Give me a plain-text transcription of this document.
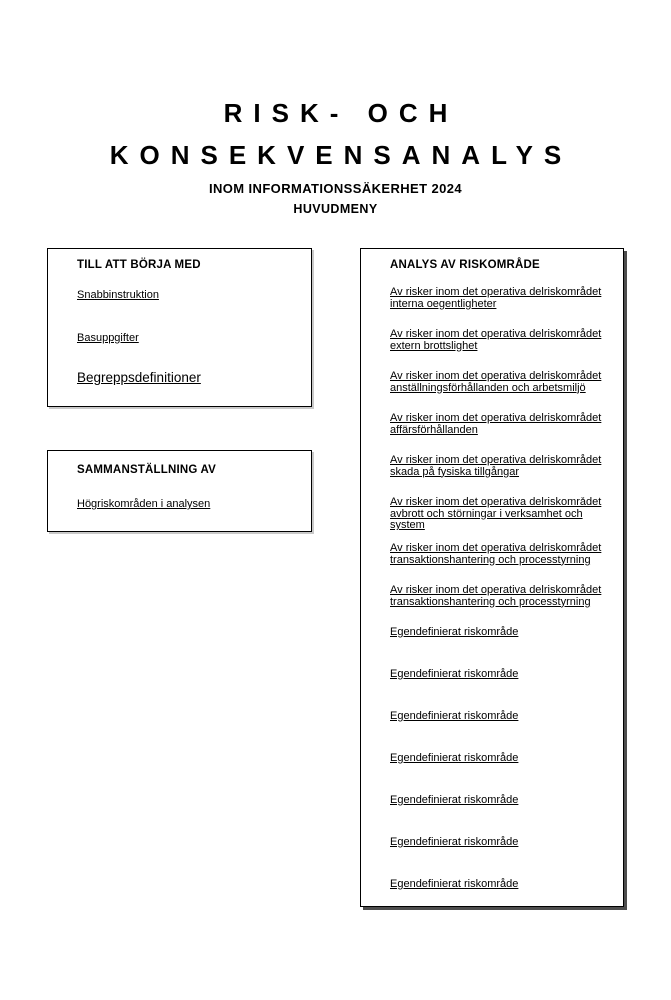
RISK- OCH
KONSEKVENSANALYS
INOM INFORMATIONSSÄKERHET 2024
HUVUDMENY
TILL ATT BÖRJA MED
Snabbinstruktion
Basuppgifter
Begreppsdefinitioner
SAMMANSTÄLLNING AV
Högriskområden i analysen
ANALYS AV RISKOMRÅDE
Av risker inom det operativa delriskområdet interna oegentligheter
Av risker inom det operativa delriskområdet extern brottslighet
Av risker inom det operativa delriskområdet anställningsförhållanden och arbetsmiljö
Av risker inom det operativa delriskområdet affärsförhållanden
Av risker inom det operativa delriskområdet skada på fysiska tillgångar
Av risker inom det operativa delriskområdet avbrott och störningar i verksamhet och system
Av risker inom det operativa delriskområdet transaktionshantering och processtyrning
Av risker inom det operativa delriskområdet transaktionshantering och processtyrning
Egendefinierat riskområde
Egendefinierat riskområde
Egendefinierat riskområde
Egendefinierat riskområde
Egendefinierat riskområde
Egendefinierat riskområde
Egendefinierat riskområde
